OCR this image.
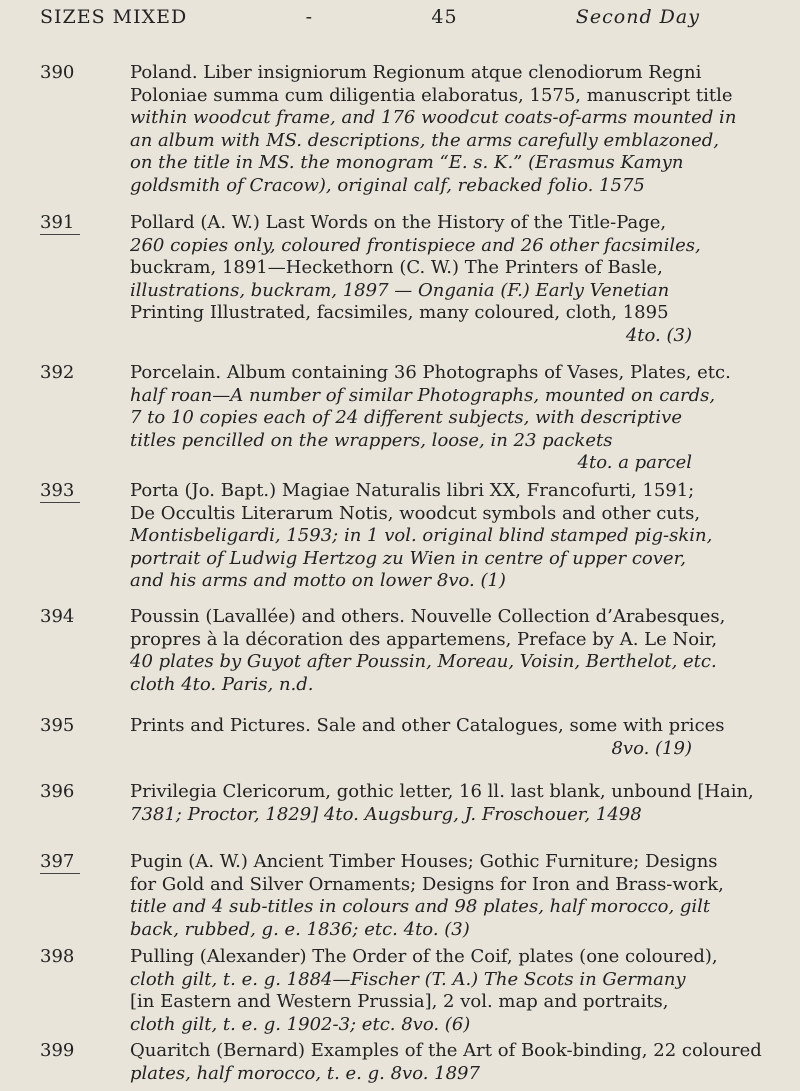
SIZES MIXED	-	45	Second Day
390	Poland. Liber insigniorum Regionum atque clenodiorum Regni
Poloniae summa cum diligentia elaboratus, 1575, manuscript title
within woodcut frame, and 176 woodcut coats-of-arms mounted in
an album with MS. descriptions, the arms carefully emblazoned,
on the title in MS. the monogram “E. s. K.” (Erasmus Kamyn
goldsmith of Cracow), original calf, rebacked folio. 1575
391	Pollard (A. W.) Last Words on the History of the Title-Page,
260 copies only, coloured frontispiece and 26 other facsimiles,
buckram, 1891—Heckethorn (C. W.) The Printers of Basle,
illustrations, buckram, 1897 — Ongania (F.) Early Venetian
Printing Illustrated, facsimiles, many coloured, cloth, 1895
4to. (3)
392	Porcelain. Album containing 36 Photographs of Vases, Plates, etc.
half roan—A number of similar Photographs, mounted on cards,
7 to 10 copies each of 24 different subjects, with descriptive
titles pencilled on the wrappers, loose, in 23 packets
4to. a parcel
393	Porta (Jo. Bapt.) Magiae Naturalis libri XX, Francofurti, 1591;
De Occultis Literarum Notis, woodcut symbols and other cuts,
Montisbeligardi, 1593; in 1 vol. original blind stamped pig-skin,
portrait of Ludwig Hertzog zu Wien in centre of upper cover,
and his arms and motto on lower 8vo. (1)
394	Poussin (Lavallée) and others. Nouvelle Collection d’Arabesques,
propres à la décoration des appartemens, Preface by A. Le Noir,
40 plates by Guyot after Poussin, Moreau, Voisin, Berthelot, etc.
cloth 4to. Paris, n.d.
395	Prints and Pictures. Sale and other Catalogues, some with prices
8vo. (19)
396	Privilegia Clericorum, gothic letter, 16 ll. last blank, unbound [Hain,
7381; Proctor, 1829] 4to. Augsburg, J. Froschouer, 1498
397	Pugin (A. W.) Ancient Timber Houses; Gothic Furniture; Designs
for Gold and Silver Ornaments; Designs for Iron and Brass-work,
title and 4 sub-titles in colours and 98 plates, half morocco, gilt
back, rubbed, g. e. 1836; etc. 4to. (3)
398	Pulling (Alexander) The Order of the Coif, plates (one coloured),
cloth gilt, t. e. g. 1884—Fischer (T. A.) The Scots in Germany
[in Eastern and Western Prussia], 2 vol. map and portraits,
cloth gilt, t. e. g. 1902-3; etc. 8vo. (6)
399	Quaritch (Bernard) Examples of the Art of Book-binding, 22 coloured
plates, half morocco, t. e. g. 8vo. 1897
